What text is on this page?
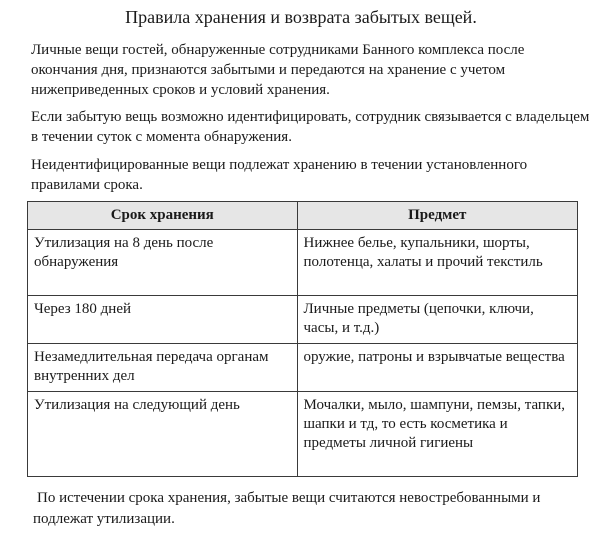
Правила хранения и возврата забытых вещей.
Личные вещи гостей, обнаруженные сотрудниками Банного комплекса после окончания дня, признаются забытыми и передаются на хранение с учетом нижеприведенных сроков и условий хранения.
Если забытую вещь возможно идентифицировать, сотрудник связывается с владельцем в течении суток с момента обнаружения.
Неидентифицированные вещи подлежат хранению в течении установленного правилами срока.
Срок хранения	Предмет
Утилизация на 8 день после обнаружения	Нижнее белье, купальники, шорты, полотенца, халаты и прочий текстиль
Через 180 дней	Личные предметы (цепочки, ключи, часы, и т.д.)
Незамедлительная передача органам внутренних дел	оружие, патроны и взрывчатые вещества
Утилизация на следующий день	Мочалки, мыло, шампуни, пемзы, тапки, шапки и тд, то есть косметика и предметы личной гигиены
По истечении срока хранения, забытые вещи считаются невостребованными и подлежат утилизации.
